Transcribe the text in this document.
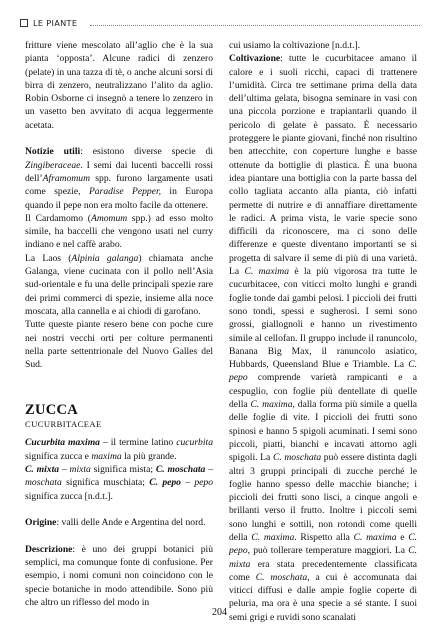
LE PIANTE

fritture viene mescolato all’aglio che è la sua pianta ‘opposta’. Alcune radici di zenzero (pelate) in una tazza di tè, o anche alcuni sorsi di birra di zenzero, neutralizzano l’alito da aglio. Robin Osborne ci insegnò a tenere lo zenzero in un vasetto ben avvitato di acqua leggermente acetata.

Notizie utili: esistono diverse specie di Zingiberaceae. I semi dai lucenti baccelli rossi dell’Aframomum spp. furono largamente usati come spezie, Paradise Pepper, in Europa quando il pepe non era molto facile da ottenere.

Il Cardamomo (Amomum spp.) ad esso molto simile, ha baccelli che vengono usati nel curry indiano e nel caffè arabo.

La Laos (Alpinia galanga) chiamata anche Galanga, viene cucinata con il pollo nell’Asia sud-orientale e fu una delle principali spezie rare dei primi commerci di spezie, insieme alla noce moscata, alla cannella e ai chiodi di garofano.

Tutte queste piante resero bene con poche cure nei nostri vecchi orti per colture permanenti nella parte settentrionale del Nuovo Galles del Sud.

ZUCCA
CUCURBITACEAE

Cucurbita maxima – il termine latino cucurbita significa zucca e maxima la più grande.

C. mixta – mixta significa mista; C. moschata – moschata significa muschiata; C. pepo – pepo significa zucca [n.d.t.].

Origine: valli delle Ande e Argentina del nord.

Descrizione: è uno dei gruppi botanici più semplici, ma comunque fonte di confusione. Per esempio, i nomi comuni non coincidono con le specie botaniche in modo attendibile. Sono più che altro un riflesso del modo in

cui usiamo la coltivazione [n.d.t.].

Coltivazione: tutte le cucurbitacee amano il calore e i suoli ricchi, capaci di trattenere l’umidità. Circa tre settimane prima della data dell’ultima gelata, bisogna seminare in vasi con una piccola porzione e trapiantarli quando il pericolo di gelate è passato. È necessario proteggere le piante giovani, finché non risultino ben attecchite, con coperture lunghe e basse ottenute da bottiglie di plastica. È una buona idea piantare una bottiglia con la parte bassa del collo tagliata accanto alla pianta, ciò infatti permette di nutrire e di annaffiare direttamente le radici. A prima vista, le varie specie sono difficili da riconoscere, ma ci sono delle differenze e queste diventano importanti se si progetta di salvare il seme di più di una varietà. La C. maxima è la più vigorosa tra tutte le cucurbitacee, con viticci molto lunghi e grandi foglie tonde dai gambi pelosi. I piccioli dei frutti sono tondi, spessi e sugherosi. I semi sono grossi, giallognoli e hanno un rivestimento simile al cellofan. Il gruppo include il ranuncolo, Banana Big Max, il ranuncolo asiatico, Hubbards, Queensland Blue e Triamble. La C. pepo comprende varietà rampicanti e a cespuglio, con foglie più dentellate di quelle della C. maxima, dalla forma più simile a quella delle foglie di vite. I piccioli dei frutti sono spinosi e hanno 5 spigoli acuminati. I semi sono piccoli, piatti, bianchi e incavati attorno agli spigoli. La C. moschata può essere distinta dagli altri 3 gruppi principali di zucche perché le foglie hanno spesso delle macchie bianche; i piccioli dei frutti sono lisci, a cinque angoli e brillanti verso il frutto. Inoltre i piccoli semi sono lunghi e sottili, non rotondi come quelli della C. maxima. Rispetto alla C. maxima e C. pepo, può tollerare temperature maggiori. La C. mixta era stata precedentemente classificata come C. moschata, a cui è accomunata dai viticci diffusi e dalle ampie foglie coperte di peluria, ma ora è una specie a sé stante. I suoi semi grigi e ruvidi sono scanalati

204
